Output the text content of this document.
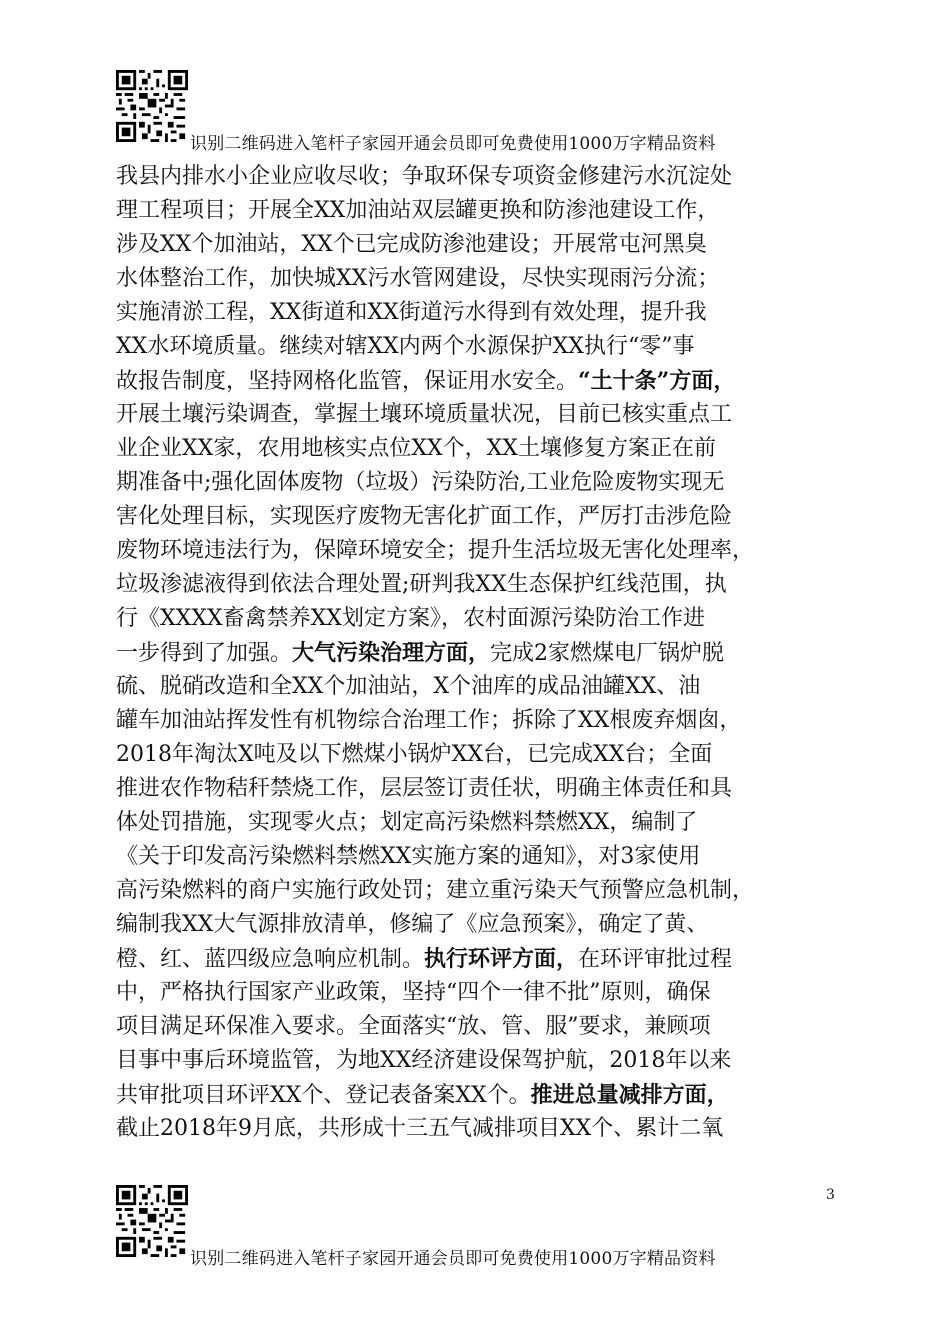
识别二维码进入笔杆子家园开通会员即可免费使用1000万字精品资料
我县内排水小企业应收尽收；争取环保专项资金修建污水沉淀处
理工程项目；开展全XX加油站双层罐更换和防渗池建设工作，
涉及XX个加油站，XX个已完成防渗池建设；开展常屯河黑臭
水体整治工作，加快城XX污水管网建设，尽快实现雨污分流；
实施清淤工程，XX街道和XX街道污水得到有效处理，提升我
XX水环境质量。继续对辖XX内两个水源保护XX执行“零”事
故报告制度，坚持网格化监管，保证用水安全。“土十条”方面，
开展土壤污染调查，掌握土壤环境质量状况，目前已核实重点工
业企业XX家，农用地核实点位XX个，XX土壤修复方案正在前
期准备中;强化固体废物（垃圾）污染防治,工业危险废物实现无
害化处理目标，实现医疗废物无害化扩面工作，严厉打击涉危险
废物环境违法行为，保障环境安全；提升生活垃圾无害化处理率，
垃圾渗滤液得到依法合理处置;研判我XX生态保护红线范围，执
行《XXXX畜禽禁养XX划定方案》，农村面源污染防治工作进
一步得到了加强。大气污染治理方面，完成2家燃煤电厂锅炉脱
硫、脱硝改造和全XX个加油站，X个油库的成品油罐XX、油
罐车加油站挥发性有机物综合治理工作；拆除了XX根废弃烟囱，
2018年淘汰X吨及以下燃煤小锅炉XX台，已完成XX台；全面
推进农作物秸秆禁烧工作，层层签订责任状，明确主体责任和具
体处罚措施，实现零火点；划定高污染燃料禁燃XX，编制了
《关于印发高污染燃料禁燃XX实施方案的通知》，对3家使用
高污染燃料的商户实施行政处罚；建立重污染天气预警应急机制，
编制我XX大气源排放清单，修编了《应急预案》，确定了黄、
橙、红、蓝四级应急响应机制。执行环评方面，在环评审批过程
中，严格执行国家产业政策，坚持“四个一律不批”原则，确保
项目满足环保准入要求。全面落实“放、管、服”要求，兼顾项
目事中事后环境监管，为地XX经济建设保驾护航，2018年以来
共审批项目环评XX个、登记表备案XX个。推进总量减排方面，
截止2018年9月底，共形成十三五气减排项目XX个、累计二氧
3
识别二维码进入笔杆子家园开通会员即可免费使用1000万字精品资料
